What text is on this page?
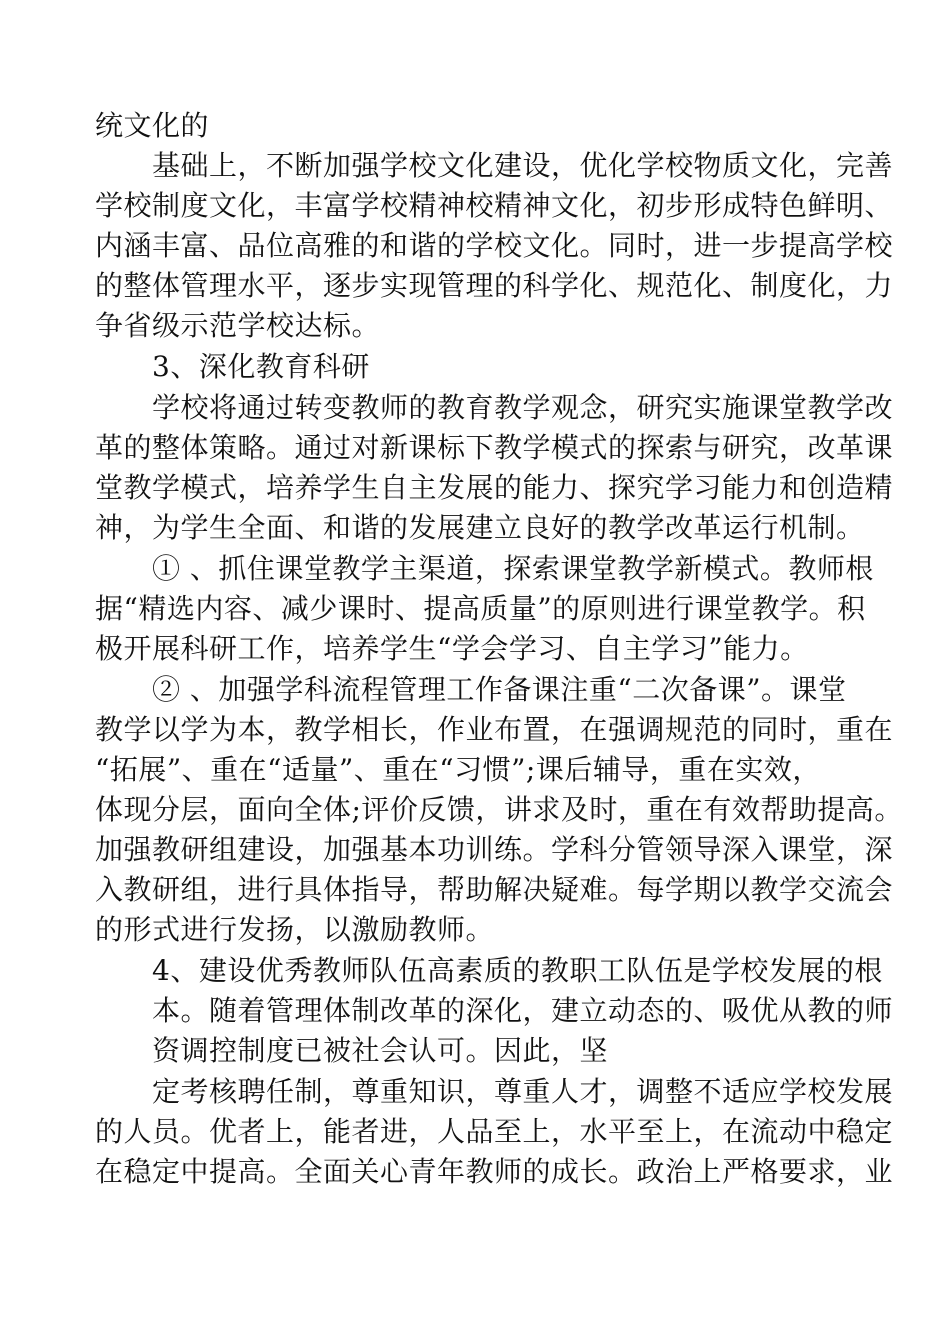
统文化的
基础上，不断加强学校文化建设，优化学校物质文化，完善
学校制度文化，丰富学校精神校精神文化，初步形成特色鲜明、
内涵丰富、品位高雅的和谐的学校文化。同时，进一步提高学校
的整体管理水平，逐步实现管理的科学化、规范化、制度化，力
争省级示范学校达标。
3、深化教育科研
学校将通过转变教师的教育教学观念，研究实施课堂教学改
革的整体策略。通过对新课标下教学模式的探索与研究，改革课
堂教学模式，培养学生自主发展的能力、探究学习能力和创造精
神，为学生全面、和谐的发展建立良好的教学改革运行机制。
① 、抓住课堂教学主渠道，探索课堂教学新模式。教师根
据“精选内容、减少课时、提高质量”的原则进行课堂教学。积
极开展科研工作，培养学生“学会学习、自主学习”能力。
② 、加强学科流程管理工作备课注重“二次备课”。课堂
教学以学为本，教学相长，作业布置，在强调规范的同时，重在
“拓展”、重在“适量”、重在“习惯”;课后辅导，重在实效，
体现分层，面向全体;评价反馈，讲求及时，重在有效帮助提高。
加强教研组建设，加强基本功训练。学科分管领导深入课堂，深
入教研组，进行具体指导，帮助解决疑难。每学期以教学交流会
的形式进行发扬，以激励教师。
4、建设优秀教师队伍高素质的教职工队伍是学校发展的根
本。随着管理体制改革的深化，建立动态的、吸优从教的师
资调控制度已被社会认可。因此，坚
定考核聘任制，尊重知识，尊重人才，调整不适应学校发展
的人员。优者上，能者进，人品至上，水平至上，在流动中稳定
在稳定中提高。全面关心青年教师的成长。政治上严格要求，业
